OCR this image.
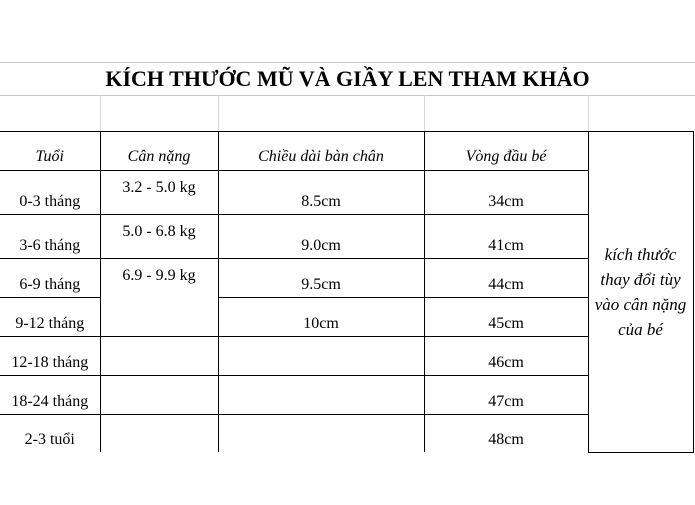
KÍCH THƯỚC MŨ VÀ GIẦY LEN THAM KHẢO
Tuổi	Cân nặng	Chiều dài bàn chân	Vòng đầu bé	kích thước thay đổi tùy vào cân nặng của bé
0-3 tháng	3.2 - 5.0 kg	8.5cm	34cm	
3-6 tháng	5.0 - 6.8 kg	9.0cm	41cm	
6-9 tháng	6.9 - 9.9 kg	9.5cm	44cm	
9-12 tháng		10cm	45cm	
12-18 tháng			46cm	
18-24 tháng			47cm	
2-3 tuổi			48cm	
